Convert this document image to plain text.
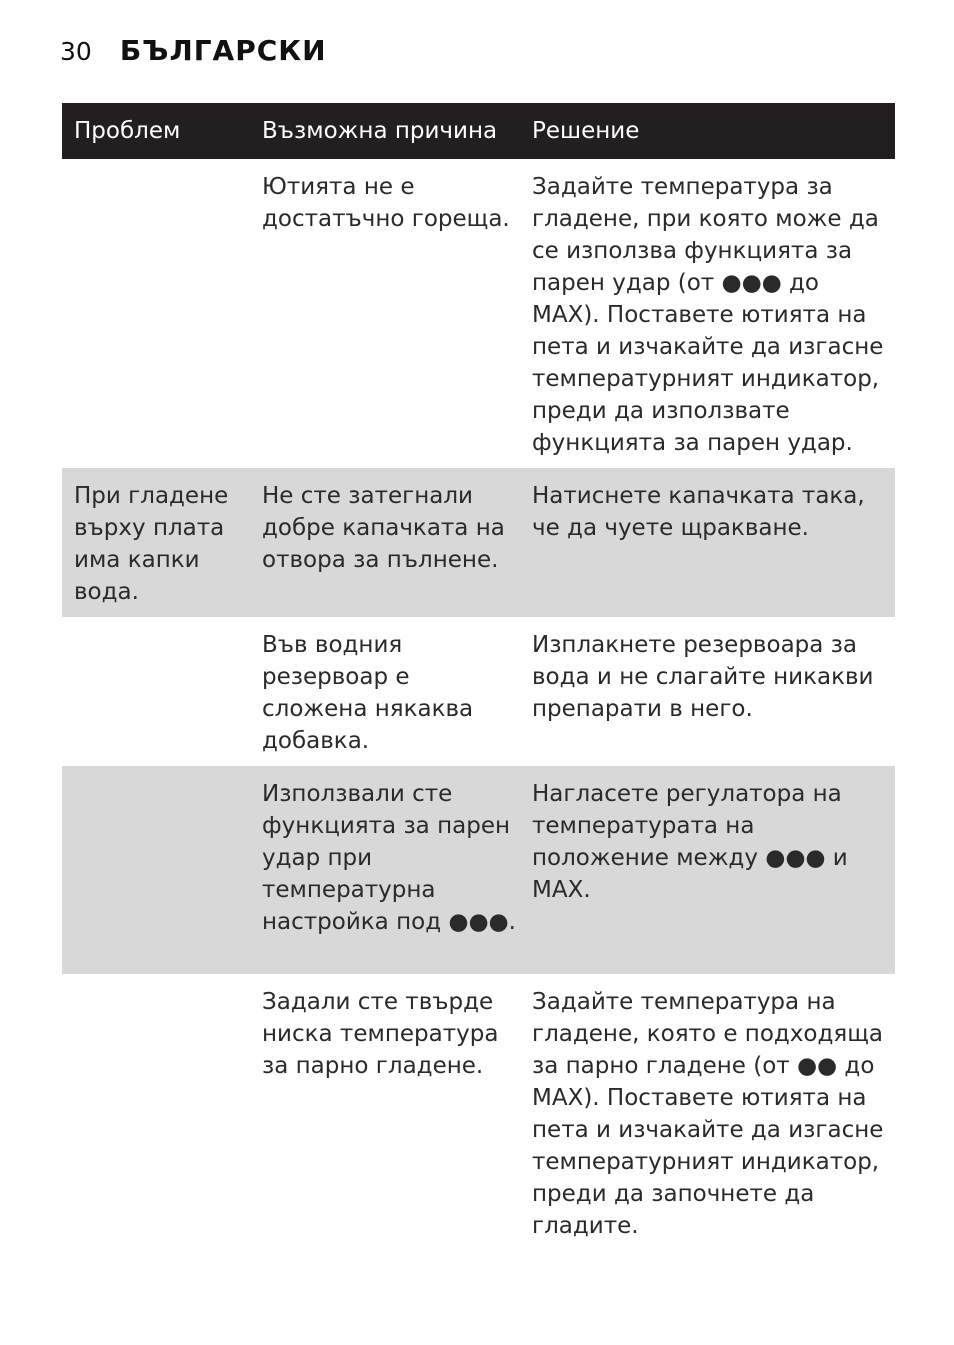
30 БЪЛГАРСКИ
Проблем	Възможна причина	Решение
	Ютията не е достатъчно гореща.	Задайте температура за гладене, при която може да се използва функцията за парен удар (от ●●● до MAX). Поставете ютията на пета и изчакайте да изгасне температурният индикатор, преди да използвате функцията за парен удар.
При гладене върху плата има капки вода.	Не сте затегнали добре капачката на отвора за пълнене.	Натиснете капачката така, че да чуете щракване.
	Във водния резервоар е сложена някаква добавка.	Изплакнете резервоара за вода и не слагайте никакви препарати в него.
	Използвали сте функцията за парен удар при температурна настройка под ●●●.	Нагласете регулатора на температурата на положение между ●●● и MAX.
	Задали сте твърде ниска температура за парно гладене.	Задайте температура на гладене, която е подходяща за парно гладене (от ●● до MAX). Поставете ютията на пета и изчакайте да изгасне температурният индикатор, преди да започнете да гладите.
